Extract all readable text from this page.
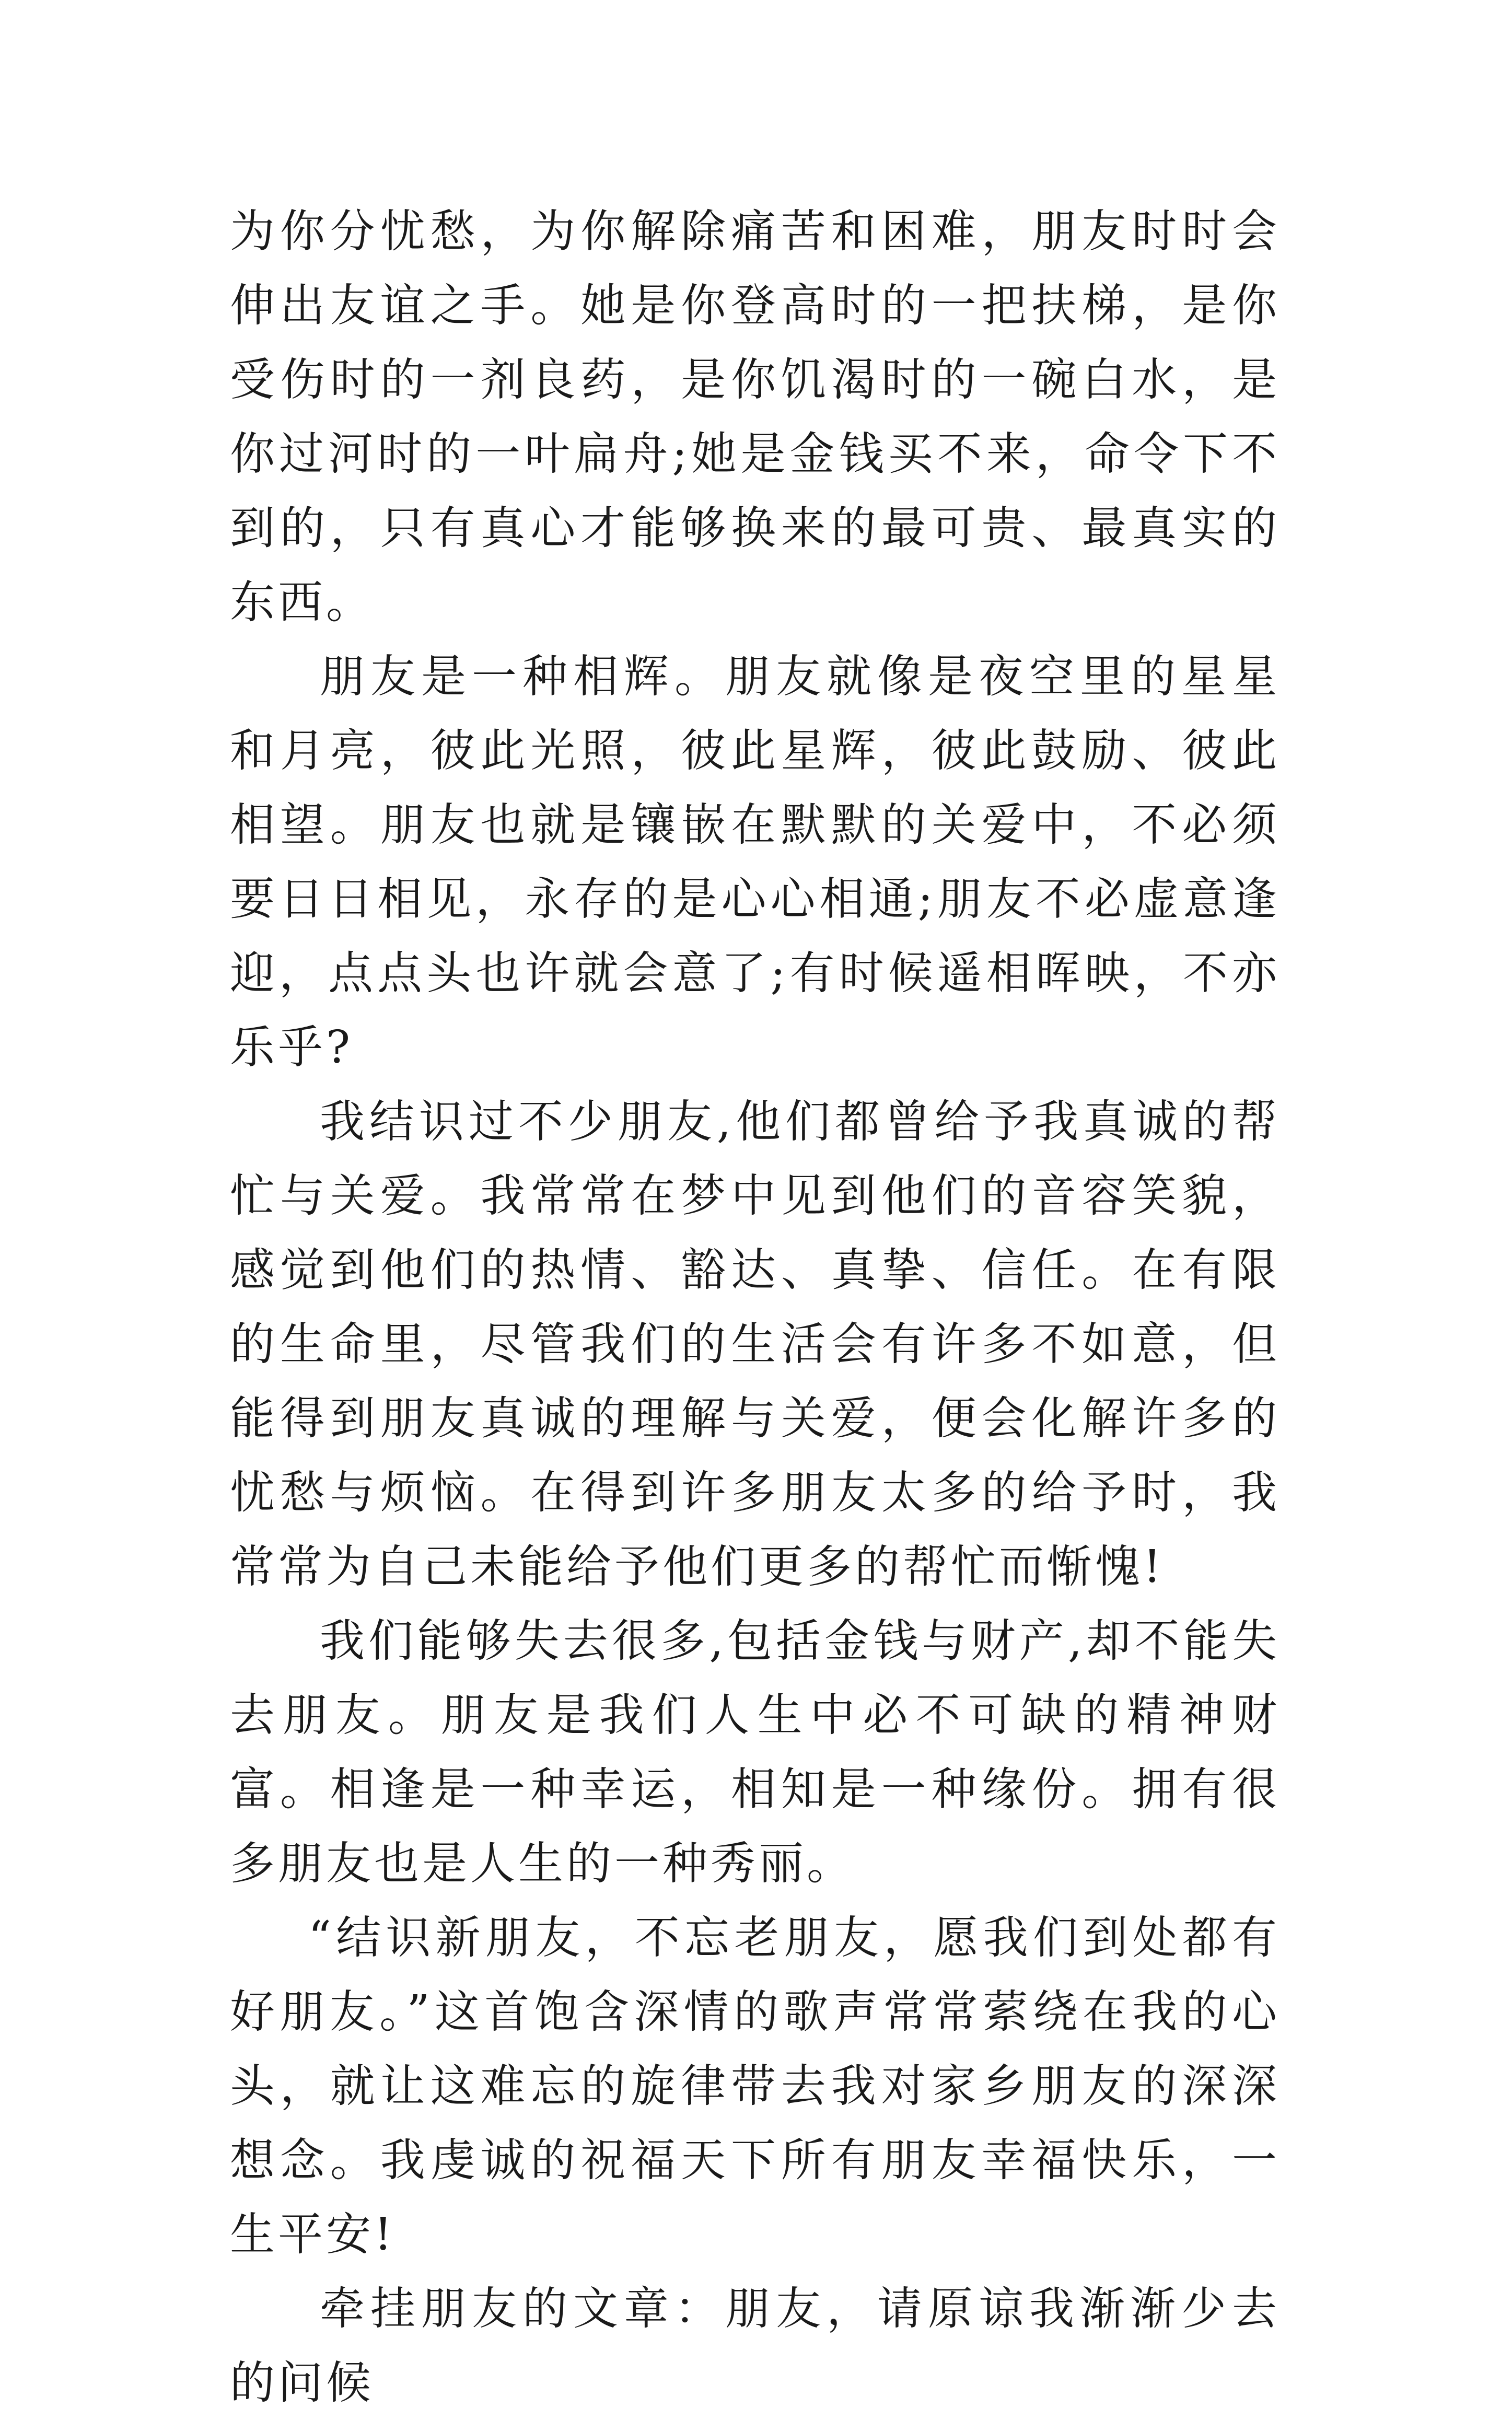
为你分忧愁，为你解除痛苦和困难，朋友时时会伸出友谊之手。她是你登高时的一把扶梯，是你受伤时的一剂良药，是你饥渴时的一碗白水，是你过河时的一叶扁舟;她是金钱买不来，命令下不到的，只有真心才能够换来的最可贵、最真实的东西。

朋友是一种相辉。朋友就像是夜空里的星星和月亮，彼此光照，彼此星辉，彼此鼓励、彼此相望。朋友也就是镶嵌在默默的关爱中，不必须要日日相见，永存的是心心相通;朋友不必虚意逢迎，点点头也许就会意了;有时候遥相晖映，不亦乐乎?

我结识过不少朋友,他们都曾给予我真诚的帮忙与关爱。我常常在梦中见到他们的音容笑貌，感觉到他们的热情、豁达、真挚、信任。在有限的生命里，尽管我们的生活会有许多不如意，但能得到朋友真诚的理解与关爱，便会化解许多的忧愁与烦恼。在得到许多朋友太多的给予时，我常常为自己未能给予他们更多的帮忙而惭愧!

我们能够失去很多,包括金钱与财产,却不能失去朋友。朋友是我们人生中必不可缺的精神财富。相逢是一种幸运，相知是一种缘份。拥有很多朋友也是人生的一种秀丽。

“结识新朋友，不忘老朋友，愿我们到处都有好朋友。”这首饱含深情的歌声常常萦绕在我的心头，就让这难忘的旋律带去我对家乡朋友的深深想念。我虔诚的祝福天下所有朋友幸福快乐，一生平安!

牵挂朋友的文章：朋友，请原谅我渐渐少去的问候
